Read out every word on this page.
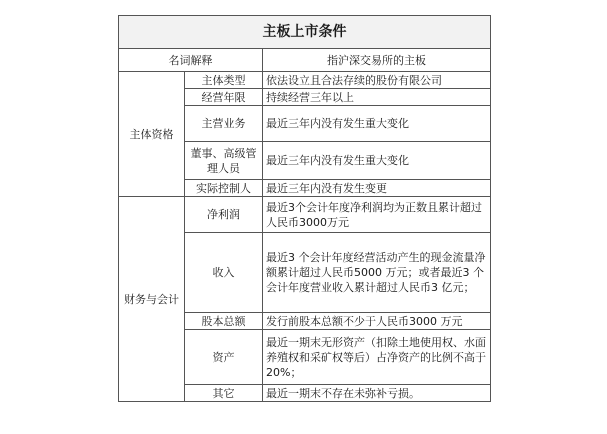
主板上市条件		
名词解释		指沪深交易所的主板
主体资格	主体类型	依法设立且合法存续的股份有限公司
	经营年限	持续经营三年以上
	主营业务	最近三年内没有发生重大变化
	董事、高级管理人员	最近三年内没有发生重大变化
	实际控制人	最近三年内没有发生变更
财务与会计	净利润	最近3个会计年度净利润均为正数且累计超过人民币3000万元
	收入	最近3 个会计年度经营活动产生的现金流量净额累计超过人民币5000 万元；或者最近3 个会计年度营业收入累计超过人民币3 亿元；
	股本总额	发行前股本总额不少于人民币3000 万元
	资产	最近一期末无形资产（扣除土地使用权、水面养殖权和采矿权等后）占净资产的比例不高于20%；
	其它	最近一期末不存在未弥补亏损。
